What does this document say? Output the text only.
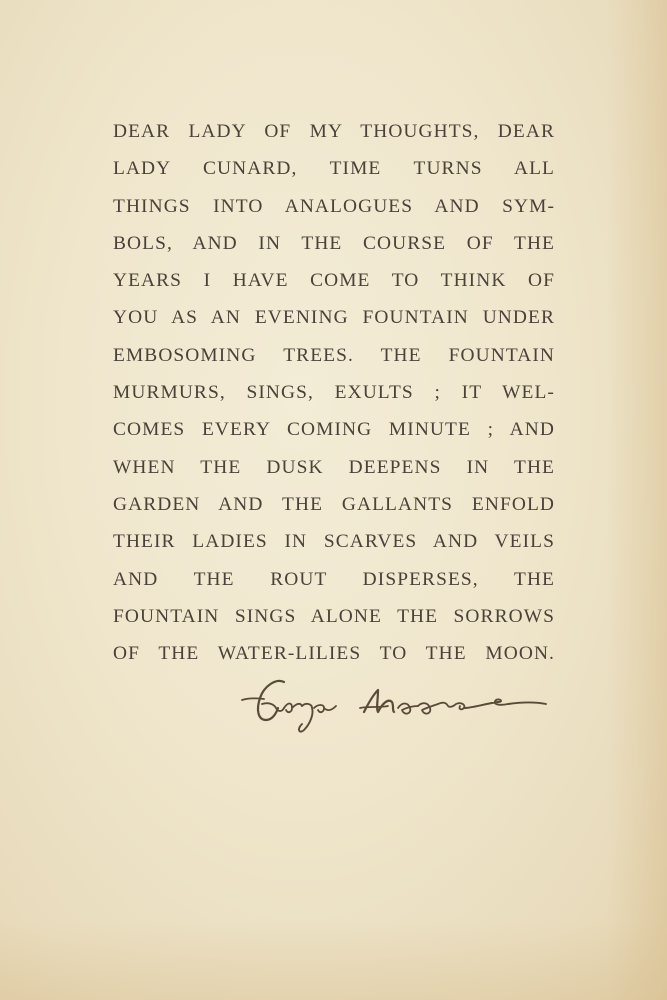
DEAR LADY OF MY THOUGHTS, DEAR
LADY CUNARD, TIME TURNS ALL
THINGS INTO ANALOGUES AND SYM-
BOLS, AND IN THE COURSE OF THE
YEARS I HAVE COME TO THINK OF
YOU AS AN EVENING FOUNTAIN UNDER
EMBOSOMING TREES. THE FOUNTAIN
MURMURS, SINGS, EXULTS ; IT WEL-
COMES EVERY COMING MINUTE ; AND
WHEN THE DUSK DEEPENS IN THE
GARDEN AND THE GALLANTS ENFOLD
THEIR LADIES IN SCARVES AND VEILS
AND THE ROUT DISPERSES, THE
FOUNTAIN SINGS ALONE THE SORROWS
OF THE WATER-LILIES TO THE MOON.
